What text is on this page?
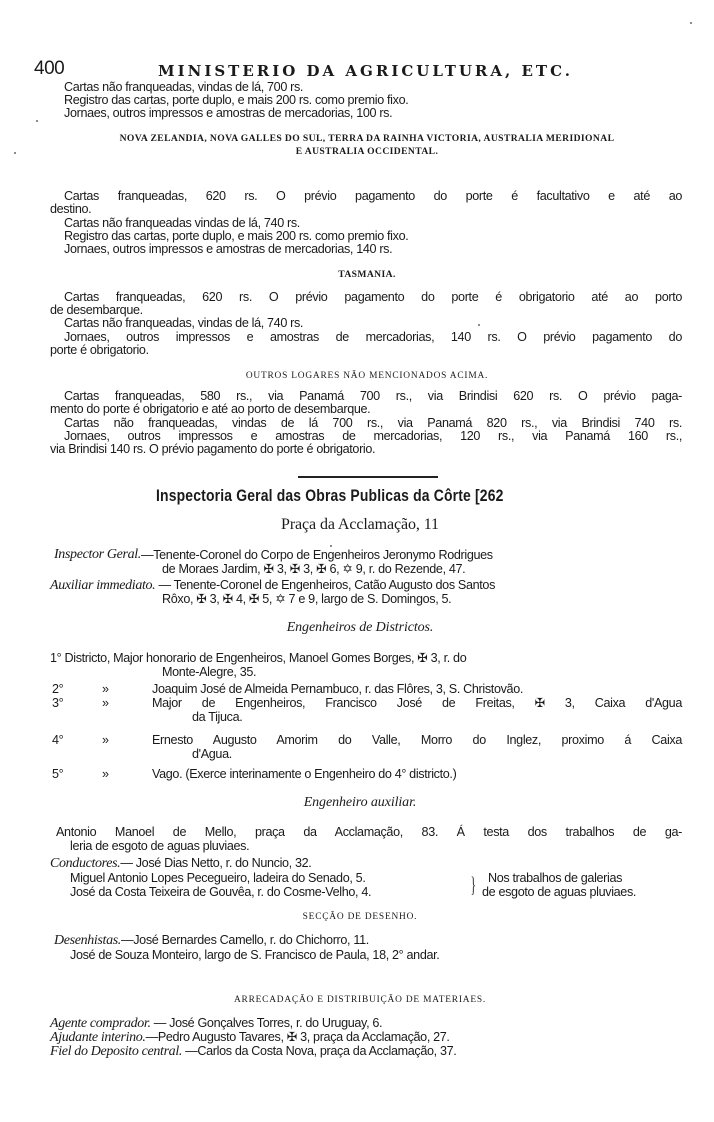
400	MINISTERIO DA AGRICULTURA, ETC.
Cartas não franqueadas, vindas de lá, 700 rs.
Registro das cartas, porte duplo, e mais 200 rs. como premio fixo.
Jornaes, outros impressos e amostras de mercadorias, 100 rs.
NOVA ZELANDIA, NOVA GALLES DO SUL, TERRA DA RAINHA VICTORIA, AUSTRALIA MERIDIONAL
E AUSTRALIA OCCIDENTAL.
Cartas franqueadas, 620 rs. O prévio pagamento do porte é facultativo e até ao
destino.
Cartas não franqueadas vindas de lá, 740 rs.
Registro das cartas, porte duplo, e mais 200 rs. como premio fixo.
Jornaes, outros impressos e amostras de mercadorias, 140 rs.
TASMANIA.
Cartas franqueadas, 620 rs. O prévio pagamento do porte é obrigatorio até ao porto
de desembarque.
Cartas não franqueadas, vindas de lá, 740 rs.
Jornaes, outros impressos e amostras de mercadorias, 140 rs. O prévio pagamento do
porte é obrigatorio.
OUTROS LOGARES NÃO MENCIONADOS ACIMA.
Cartas franqueadas, 580 rs., via Panamá 700 rs., via Brindisi 620 rs. O prévio paga-
mento do porte é obrigatorio e até ao porto de desembarque.
Cartas não franqueadas, vindas de lá 700 rs., via Panamá 820 rs., via Brindisi 740 rs.
Jornaes, outros impressos e amostras de mercadorias, 120 rs., via Panamá 160 rs.,
via Brindisi 140 rs. O prévio pagamento do porte é obrigatorio.
Inspectoria Geral das Obras Publicas da Côrte [262
Praça da Acclamação, 11
Inspector Geral. —Tenente-Coronel do Corpo de Engenheiros Jeronymo Rodrigues
de Moraes Jardim, ✠ 3, ✠ 3, ✠ 6, ✡ 9, r. do Rezende, 47.
Auxiliar immediato. — Tenente-Coronel de Engenheiros, Catão Augusto dos Santos
Rôxo, ✠ 3, ✠ 4, ✠ 5, ✡ 7 e 9, largo de S. Domingos, 5.
Engenheiros de Districtos.
1° Districto, Major honorario de Engenheiros, Manoel Gomes Borges, ✠ 3, r. do
Monte-Alegre, 35.
2°	»	Joaquim José de Almeida Pernambuco, r. das Flôres, 3, S. Christovão.
3°	»	Major de Engenheiros, Francisco José de Freitas, ✠ 3, Caixa d'Agua
da Tijuca.
4°	»	Ernesto Augusto Amorim do Valle, Morro do Inglez, proximo á Caixa
d'Agua.
5°	»	Vago. (Exerce interinamente o Engenheiro do 4° districto.)
Engenheiro auxiliar.
Antonio Manoel de Mello, praça da Acclamação, 83. Á testa dos trabalhos de ga-
leria de esgoto de aguas pluviaes.
Conductores.— José Dias Netto, r. do Nuncio, 32.
Miguel Antonio Lopes Pecegueiro, ladeira do Senado, 5.
José da Costa Teixeira de Gouvêa, r. do Cosme-Velho, 4.	} Nos trabalhos de galerias
de esgoto de aguas pluviaes.
SECÇÃO DE DESENHO.
Desenhistas.—José Bernardes Camello, r. do Chichorro, 11.
José de Souza Monteiro, largo de S. Francisco de Paula, 18, 2° andar.
ARRECADAÇÃO E DISTRIBUIÇÃO DE MATERIAES.
Agente comprador. — José Gonçalves Torres, r. do Uruguay, 6.
Ajudante interino.—Pedro Augusto Tavares, ✠ 3, praça da Acclamação, 27.
Fiel do Deposito central. —Carlos da Costa Nova, praça da Acclamação, 37.
